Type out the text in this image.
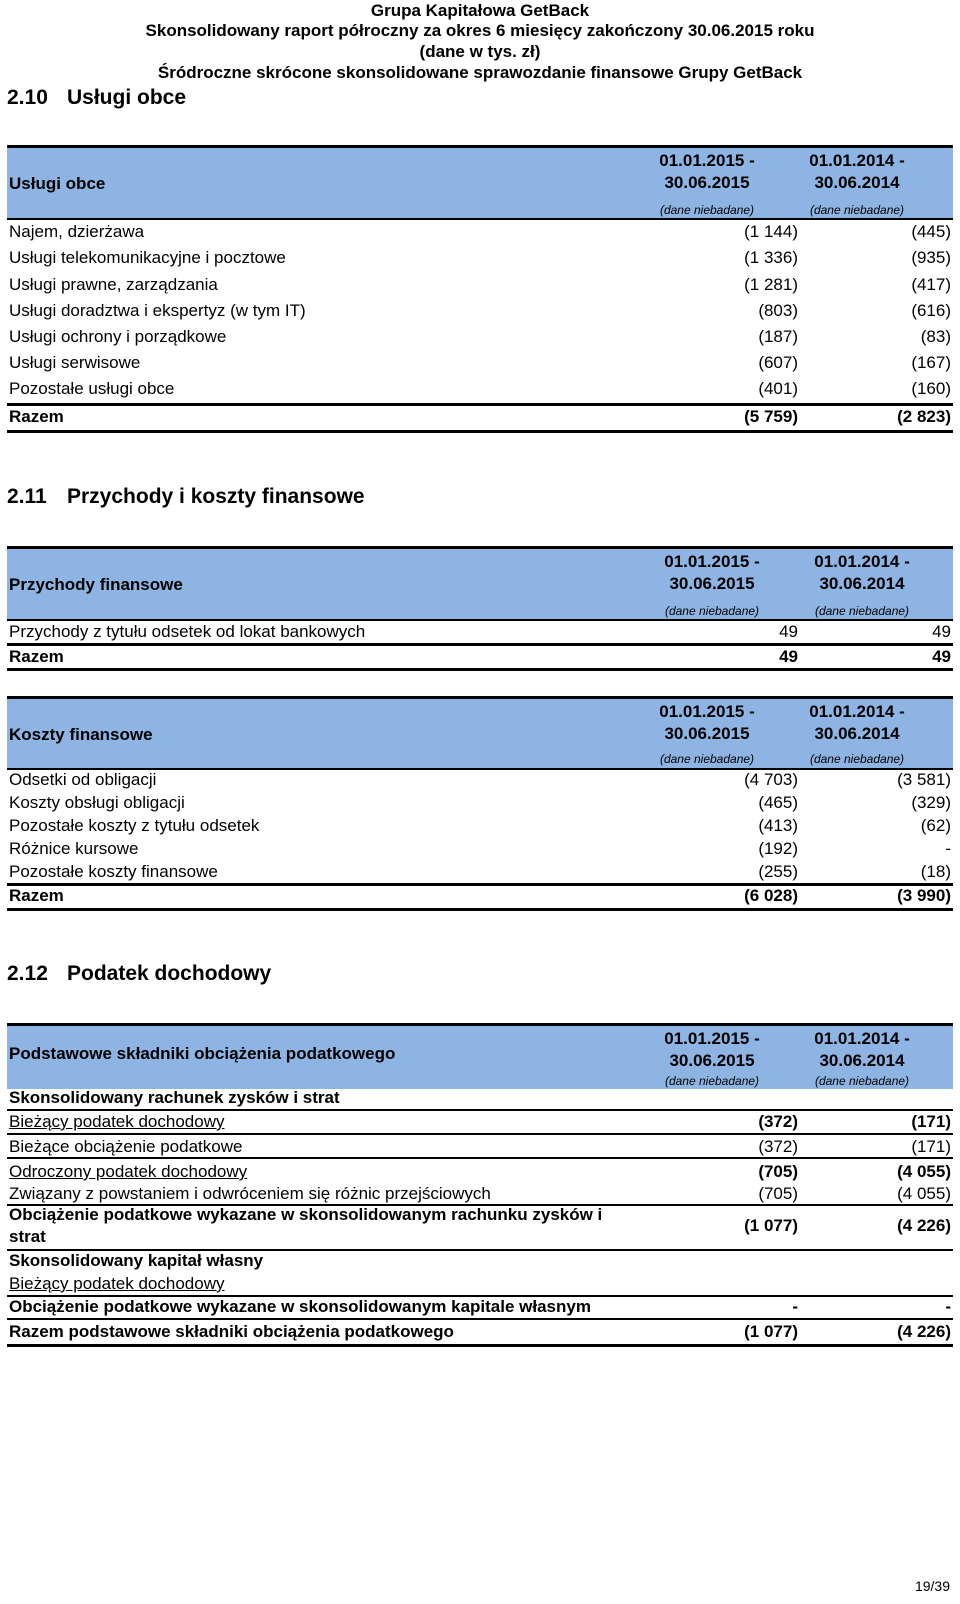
Grupa Kapitałowa GetBack
Skonsolidowany raport półroczny za okres 6 miesięcy zakończony 30.06.2015 roku
(dane w tys. zł)
Śródroczne skrócone skonsolidowane sprawozdanie finansowe Grupy GetBack
2.10 Usługi obce
Usługi obce
01.01.2015 -
30.06.2015
01.01.2014 -
30.06.2014
(dane niebadane)	(dane niebadane)
Najem, dzierżawa	(1 144)	(445)
Usługi telekomunikacyjne i pocztowe	(1 336)	(935)
Usługi prawne, zarządzania	(1 281)	(417)
Usługi doradztwa i ekspertyz (w tym IT)	(803)	(616)
Usługi ochrony i porządkowe	(187)	(83)
Usługi serwisowe	(607)	(167)
Pozostałe usługi obce	(401)	(160)
Razem	(5 759)	(2 823)
2.11 Przychody i koszty finansowe
Przychody finansowe
01.01.2015 -
30.06.2015
01.01.2014 -
30.06.2014
(dane niebadane)	(dane niebadane)
Przychody z tytułu odsetek od lokat bankowych	49	49
Razem	49	49
Koszty finansowe
01.01.2015 -
30.06.2015
01.01.2014 -
30.06.2014
(dane niebadane)	(dane niebadane)
Odsetki od obligacji	(4 703)	(3 581)
Koszty obsługi obligacji	(465)	(329)
Pozostałe koszty z tytułu odsetek	(413)	(62)
Różnice kursowe	(192)	-
Pozostałe koszty finansowe	(255)	(18)
Razem	(6 028)	(3 990)
2.12 Podatek dochodowy
Podstawowe składniki obciążenia podatkowego
01.01.2015 -
30.06.2015
01.01.2014 -
30.06.2014
(dane niebadane)	(dane niebadane)
Skonsolidowany rachunek zysków i strat
Bieżący podatek dochodowy	(372)	(171)
Bieżące obciążenie podatkowe	(372)	(171)
Odroczony podatek dochodowy	(705)	(4 055)
Związany z powstaniem i odwróceniem się różnic przejściowych	(705)	(4 055)
Obciążenie podatkowe wykazane w skonsolidowanym rachunku zysków i
strat
(1 077)	(4 226)
Skonsolidowany kapitał własny
Bieżący podatek dochodowy
Obciążenie podatkowe wykazane w skonsolidowanym kapitale własnym	-	-
Razem podstawowe składniki obciążenia podatkowego	(1 077)	(4 226)
19/39
